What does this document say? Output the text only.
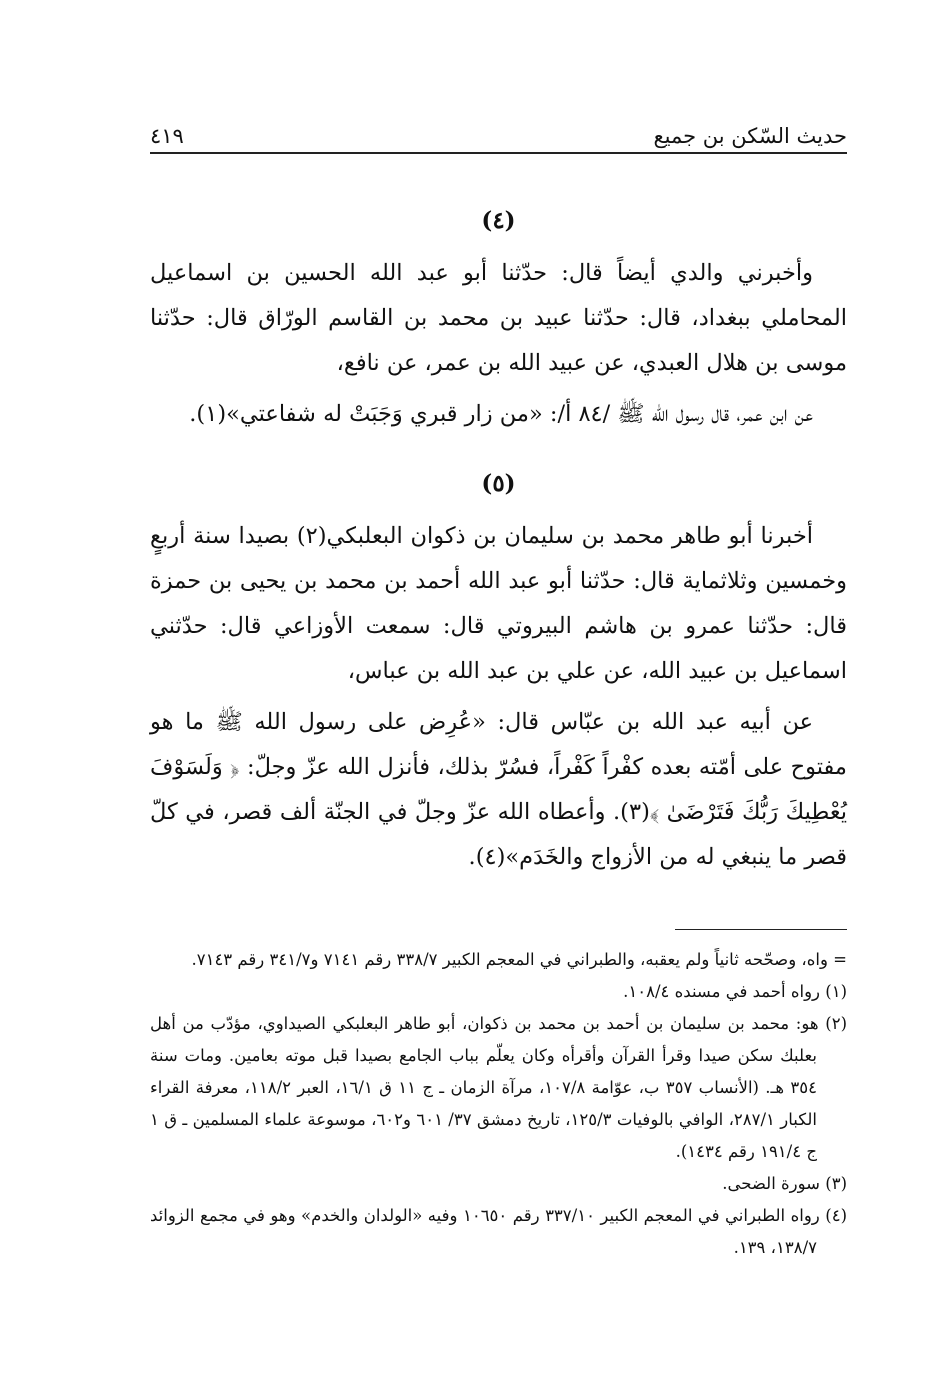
حديث السّكن بن جميع
٤١٩
(٤)

وأخبرني والدي أيضاً قال: حدّثنا أبو عبد الله الحسين بن اسماعيل المحاملي ببغداد، قال: حدّثنا عبيد بن محمد بن القاسم الورّاق قال: حدّثنا موسى بن هلال العبدي، عن عبيد الله بن عمر، عن نافع،

عن ابن عمر، قال رسول الله ﷺ /٨٤ أ/: «من زار قبري وَجَبَتْ له شفاعتي»(١).

(٥)

أخبرنا أبو طاهر محمد بن سليمان بن ذكوان البعلبكي(٢) بصيدا سنة أربعٍ وخمسين وثلاثماية قال: حدّثنا أبو عبد الله أحمد بن محمد بن يحيى بن حمزة قال: حدّثنا عمرو بن هاشم البيروتي قال: سمعت الأوزاعي قال: حدّثني اسماعيل بن عبيد الله، عن علي بن عبد الله بن عباس،

عن أبيه عبد الله بن عبّاس قال: «عُرِض على رسول الله ﷺ ما هو مفتوح على أمّته بعده كفْراً كَفْراً، فسُرّ بذلك، فأنزل الله عزّ وجلّ: ﴿ وَلَسَوْفَ يُعْطِيكَ رَبُّكَ فَتَرْضَىٰ ﴾(٣). وأعطاه الله عزّ وجلّ في الجنّة ألف قصر، في كلّ قصر ما ينبغي له من الأزواج والخَدَم»(٤).

= واه، وصحّحه ثانياً ولم يعقبه، والطبراني في المعجم الكبير ٣٣٨/٧ رقم ٧١٤١ و٣٤١/٧ رقم ٧١٤٣.

(١) رواه أحمد في مسنده ١٠٨/٤.

(٢) هو: محمد بن سليمان بن أحمد بن محمد بن ذكوان، أبو طاهر البعلبكي الصيداوي، مؤدّب من أهل بعلبك سكن صيدا وقرأ القرآن وأقرأه وكان يعلّم بباب الجامع بصيدا قبل موته بعامين. ومات سنة ٣٥٤ هـ. (الأنساب ٣٥٧ ب، عوّامة ١٠٧/٨، مرآة الزمان ـ ج ١١ ق ١٦/١، العبر ١١٨/٢، معرفة القراء الكبار ٢٨٧/١، الوافي بالوفيات ١٢٥/٣، تاريخ دمشق ٣٧/ ٦٠١ و٦٠٢، موسوعة علماء المسلمين ـ ق ١ ج ١٩١/٤ رقم ١٤٣٤).

(٣) سورة الضحى.

(٤) رواه الطبراني في المعجم الكبير ٣٣٧/١٠ رقم ١٠٦٥٠ وفيه «الولدان والخدم» وهو في مجمع الزوائد ١٣٨/٧، ١٣٩.
